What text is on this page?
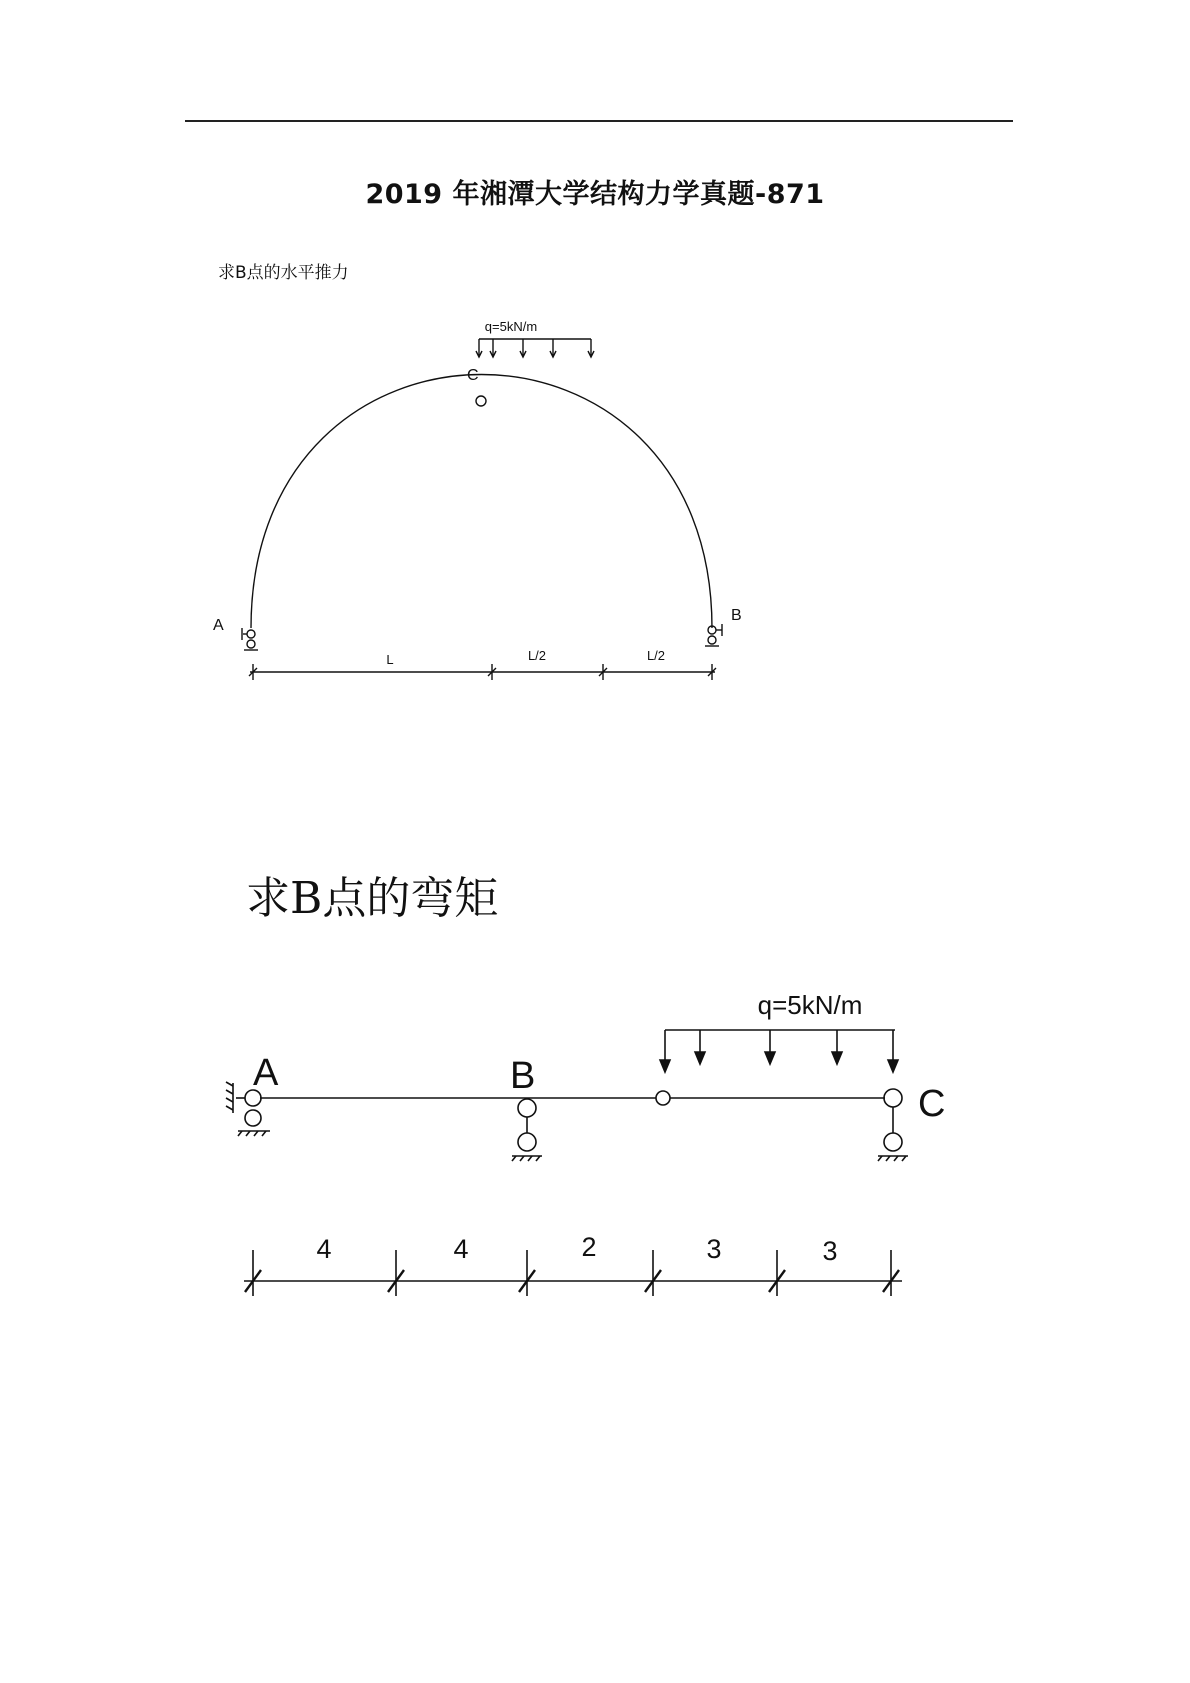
2019 年湘潭大学结构力学真题-871
求B点的水平推力
q=5kN/m
C
A
B
L	L/2	L/2
q=5kN/m
A	B
C
4	4	2	3	3
求B点的弯矩
